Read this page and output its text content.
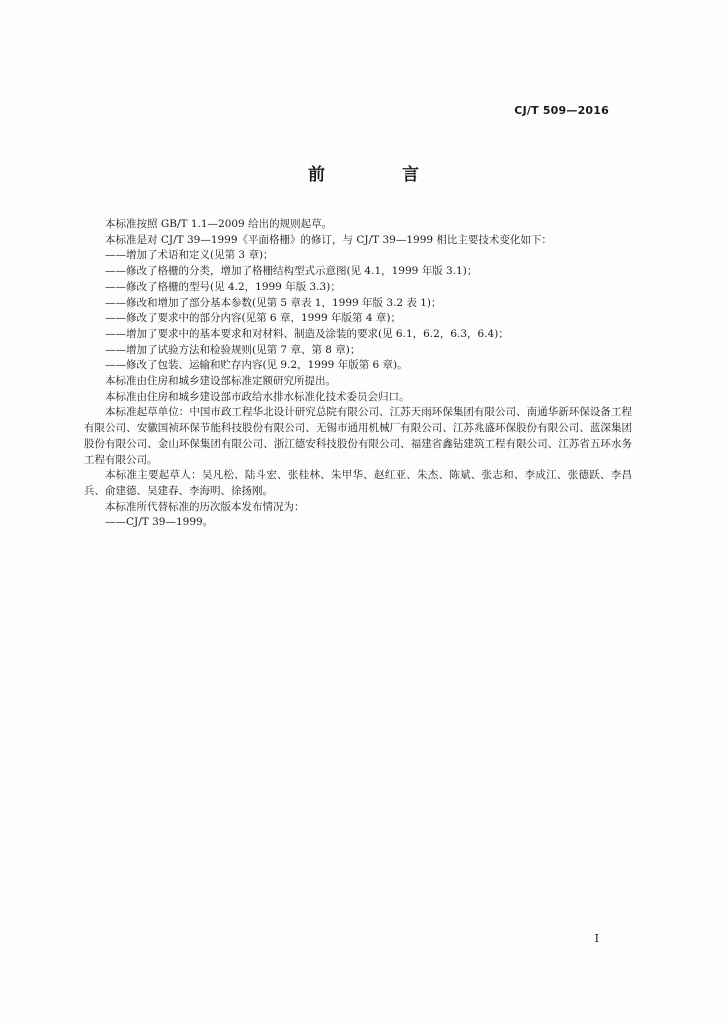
CJ/T 509—2016
前　言

本标准按照 GB/T 1.1—2009 给出的规则起草。

本标准是对 CJ/T 39—1999《平面格栅》的修订，与 CJ/T 39—1999 相比主要技术变化如下：

——增加了术语和定义(见第 3 章)；

——修改了格栅的分类，增加了格栅结构型式示意图(见 4.1，1999 年版 3.1)；

——修改了格栅的型号(见 4.2，1999 年版 3.3)；

——修改和增加了部分基本参数(见第 5 章表 1，1999 年版 3.2 表 1)；

——修改了要求中的部分内容(见第 6 章，1999 年版第 4 章)；

——增加了要求中的基本要求和对材料、制造及涂装的要求(见 6.1，6.2，6.3，6.4)；

——增加了试验方法和检验规则(见第 7 章、第 8 章)；

——修改了包装、运输和贮存内容(见 9.2，1999 年版第 6 章)。

本标准由住房和城乡建设部标准定额研究所提出。

本标准由住房和城乡建设部市政给水排水标准化技术委员会归口。

本标准起草单位：中国市政工程华北设计研究总院有限公司、江苏天雨环保集团有限公司、南通华新环保设备工程有限公司、安徽国祯环保节能科技股份有限公司、无锡市通用机械厂有限公司、江苏兆盛环保股份有限公司、蓝深集团股份有限公司、金山环保集团有限公司、浙江德安科技股份有限公司、福建省鑫钻建筑工程有限公司、江苏省五环水务工程有限公司。

本标准主要起草人：吴凡松、陆斗宏、张桂林、朱甲华、赵红亚、朱杰、陈斌、张志和、李成江、张德跃、李昌兵、俞建德、吴建春、李海明、徐扬刚。

本标准所代替标准的历次版本发布情况为：

——CJ/T 39—1999。

I
